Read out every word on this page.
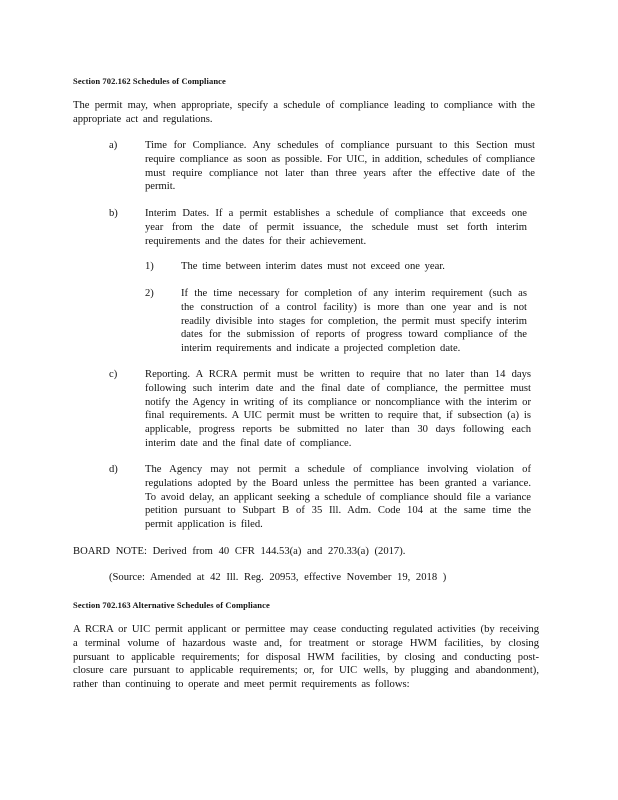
Section 702.162 Schedules of Compliance
The permit may, when appropriate, specify a schedule of compliance leading to compliance with the appropriate act and regulations.
a)	Time for Compliance. Any schedules of compliance pursuant to this Section must require compliance as soon as possible. For UIC, in addition, schedules of compliance must require compliance not later than three years after the effective date of the permit.
b)	Interim Dates. If a permit establishes a schedule of compliance that exceeds one year from the date of permit issuance, the schedule must set forth interim requirements and the dates for their achievement.
1)	The time between interim dates must not exceed one year.
2)	If the time necessary for completion of any interim requirement (such as the construction of a control facility) is more than one year and is not readily divisible into stages for completion, the permit must specify interim dates for the submission of reports of progress toward compliance of the interim requirements and indicate a projected completion date.
c)	Reporting. A RCRA permit must be written to require that no later than 14 days following such interim date and the final date of compliance, the permittee must notify the Agency in writing of its compliance or noncompliance with the interim or final requirements. A UIC permit must be written to require that, if subsection (a) is applicable, progress reports be submitted no later than 30 days following each interim date and the final date of compliance.
d)	The Agency may not permit a schedule of compliance involving violation of regulations adopted by the Board unless the permittee has been granted a variance. To avoid delay, an applicant seeking a schedule of compliance should file a variance petition pursuant to Subpart B of 35 Ill. Adm. Code 104 at the same time the permit application is filed.
BOARD NOTE: Derived from 40 CFR 144.53(a) and 270.33(a) (2017).
(Source: Amended at 42 Ill. Reg. 20953, effective November 19, 2018 )
Section 702.163 Alternative Schedules of Compliance
A RCRA or UIC permit applicant or permittee may cease conducting regulated activities (by receiving a terminal volume of hazardous waste and, for treatment or storage HWM facilities, by closing pursuant to applicable requirements; for disposal HWM facilities, by closing and conducting post-closure care pursuant to applicable requirements; or, for UIC wells, by plugging and abandonment), rather than continuing to operate and meet permit requirements as follows:
